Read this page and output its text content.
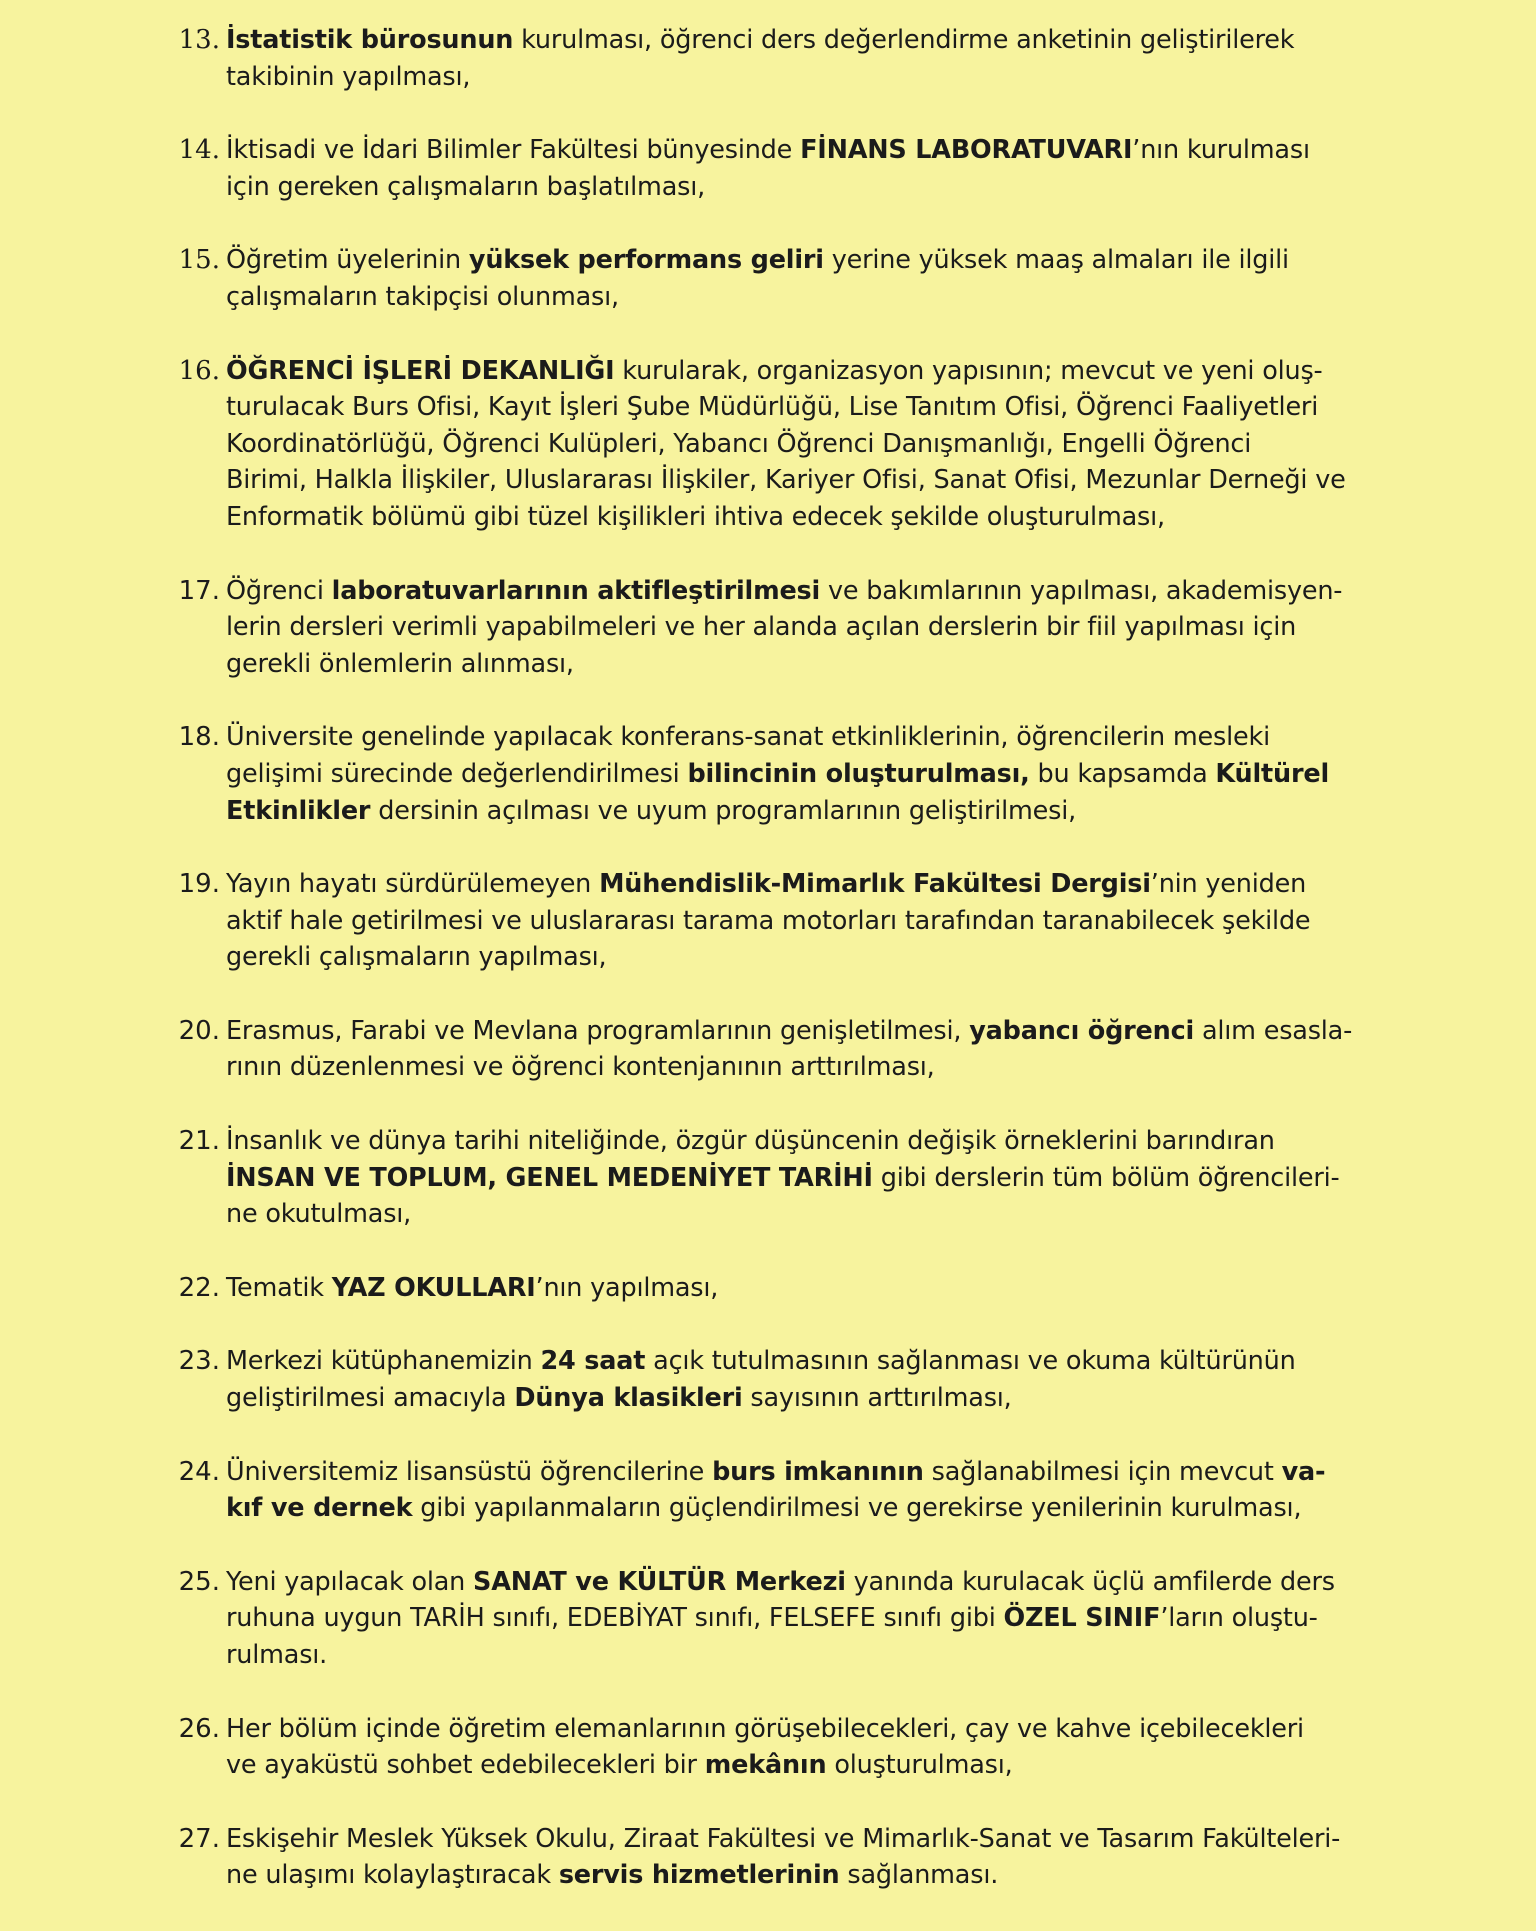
13. İstatistik bürosunun kurulması, öğrenci ders değerlendirme anketinin geliştirilerek
takibinin yapılması,
14. İktisadi ve İdari Bilimler Fakültesi bünyesinde FİNANS LABORATUVARI’nın kurulması
için gereken çalışmaların başlatılması,
15. Öğretim üyelerinin yüksek performans geliri yerine yüksek maaş almaları ile ilgili
çalışmaların takipçisi olunması,
16. ÖĞRENCİ İŞLERİ DEKANLIĞI kurularak, organizasyon yapısının; mevcut ve yeni oluş-
turulacak Burs Ofisi, Kayıt İşleri Şube Müdürlüğü, Lise Tanıtım Ofisi, Öğrenci Faaliyetleri
Koordinatörlüğü, Öğrenci Kulüpleri, Yabancı Öğrenci Danışmanlığı, Engelli Öğrenci
Birimi, Halkla İlişkiler, Uluslararası İlişkiler, Kariyer Ofisi, Sanat Ofisi, Mezunlar Derneği ve
Enformatik bölümü gibi tüzel kişilikleri ihtiva edecek şekilde oluşturulması,
17. Öğrenci laboratuvarlarının aktifleştirilmesi ve bakımlarının yapılması, akademisyen-
lerin dersleri verimli yapabilmeleri ve her alanda açılan derslerin bir fiil yapılması için
gerekli önlemlerin alınması,
18. Üniversite genelinde yapılacak konferans-sanat etkinliklerinin, öğrencilerin mesleki
gelişimi sürecinde değerlendirilmesi bilincinin oluşturulması, bu kapsamda Kültürel
Etkinlikler dersinin açılması ve uyum programlarının geliştirilmesi,
19. Yayın hayatı sürdürülemeyen Mühendislik-Mimarlık Fakültesi Dergisi’nin yeniden
aktif hale getirilmesi ve uluslararası tarama motorları tarafından taranabilecek şekilde
gerekli çalışmaların yapılması,
20. Erasmus, Farabi ve Mevlana programlarının genişletilmesi, yabancı öğrenci alım esasla-
rının düzenlenmesi ve öğrenci kontenjanının arttırılması,
21. İnsanlık ve dünya tarihi niteliğinde, özgür düşüncenin değişik örneklerini barındıran
İNSAN VE TOPLUM, GENEL MEDENİYET TARİHİ gibi derslerin tüm bölüm öğrencileri-
ne okutulması,
22. Tematik YAZ OKULLARI’nın yapılması,
23. Merkezi kütüphanemizin 24 saat açık tutulmasının sağlanması ve okuma kültürünün
geliştirilmesi amacıyla Dünya klasikleri sayısının arttırılması,
24. Üniversitemiz lisansüstü öğrencilerine burs imkanının sağlanabilmesi için mevcut va-
kıf ve dernek gibi yapılanmaların güçlendirilmesi ve gerekirse yenilerinin kurulması,
25. Yeni yapılacak olan SANAT ve KÜLTÜR Merkezi yanında kurulacak üçlü amfilerde ders
ruhuna uygun TARİH sınıfı, EDEBİYAT sınıfı, FELSEFE sınıfı gibi ÖZEL SINIF’ların oluştu-
rulması.
26. Her bölüm içinde öğretim elemanlarının görüşebilecekleri, çay ve kahve içebilecekleri
ve ayaküstü sohbet edebilecekleri bir mekânın oluşturulması,
27. Eskişehir Meslek Yüksek Okulu, Ziraat Fakültesi ve Mimarlık-Sanat ve Tasarım Fakülteleri-
ne ulaşımı kolaylaştıracak servis hizmetlerinin sağlanması.
